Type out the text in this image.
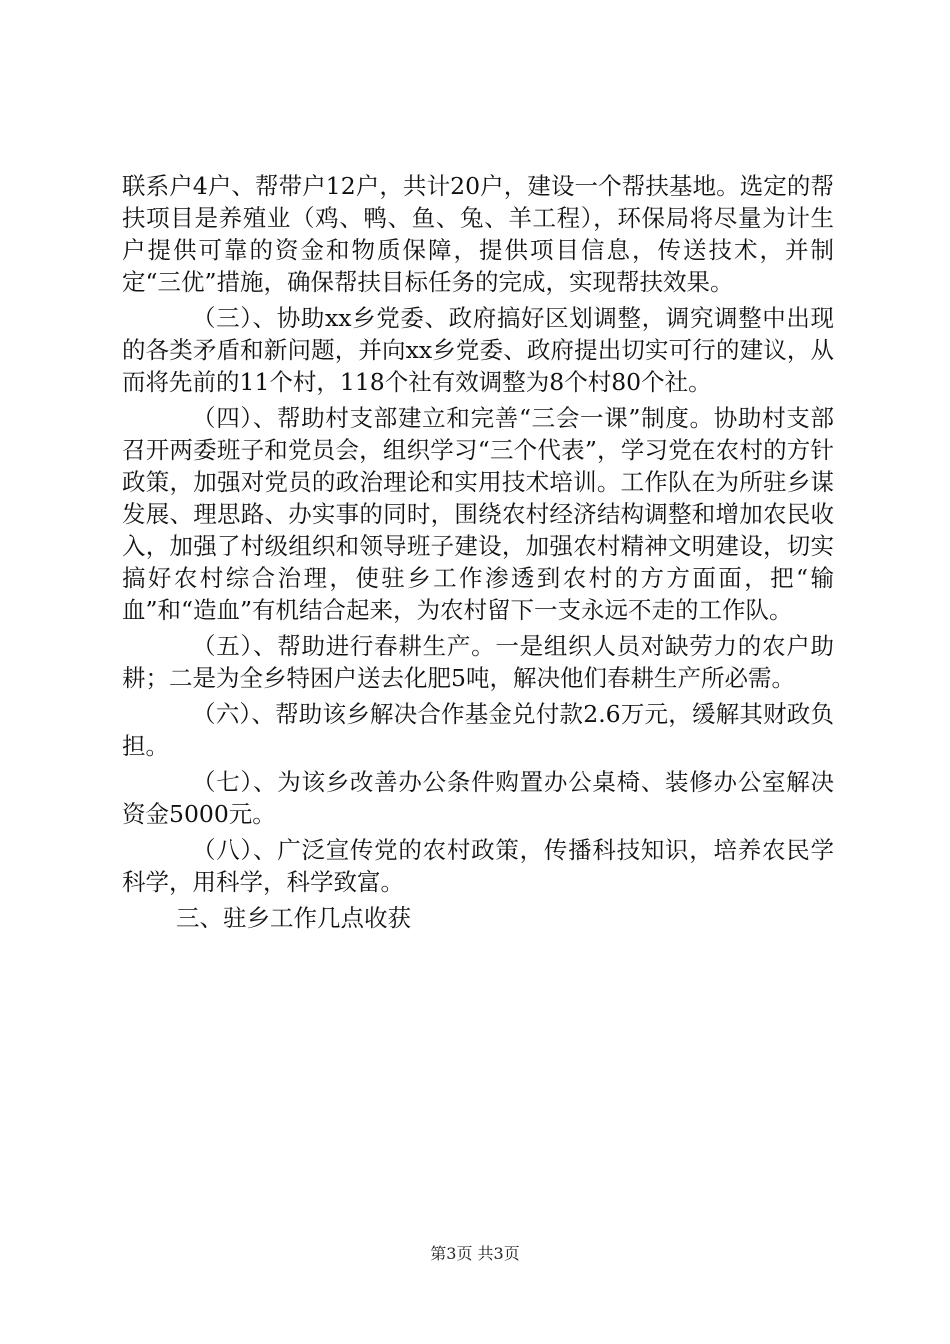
联系户4户、帮带户12户，共计20户，建设一个帮扶基地。选定的帮扶项目是养殖业（鸡、鸭、鱼、兔、羊工程），环保局将尽量为计生户提供可靠的资金和物质保障，提供项目信息，传送技术，并制定“三优”措施，确保帮扶目标任务的完成，实现帮扶效果。

（三）、协助xx乡党委、政府搞好区划调整，调究调整中出现的各类矛盾和新问题，并向xx乡党委、政府提出切实可行的建议，从而将先前的11个村，118个社有效调整为8个村80个社。

（四）、帮助村支部建立和完善“三会一课”制度。协助村支部召开两委班子和党员会，组织学习“三个代表”，学习党在农村的方针政策，加强对党员的政治理论和实用技术培训。工作队在为所驻乡谋发展、理思路、办实事的同时，围绕农村经济结构调整和增加农民收入，加强了村级组织和领导班子建设，加强农村精神文明建设，切实搞好农村综合治理，使驻乡工作渗透到农村的方方面面，把“输血”和“造血”有机结合起来，为农村留下一支永远不走的工作队。

（五）、帮助进行春耕生产。一是组织人员对缺劳力的农户助耕；二是为全乡特困户送去化肥5吨，解决他们春耕生产所必需。

（六）、帮助该乡解决合作基金兑付款2.6万元，缓解其财政负担。

（七）、为该乡改善办公条件购置办公桌椅、装修办公室解决资金5000元。

（八）、广泛宣传党的农村政策，传播科技知识，培养农民学科学，用科学，科学致富。

三、驻乡工作几点收获

第3页 共3页
